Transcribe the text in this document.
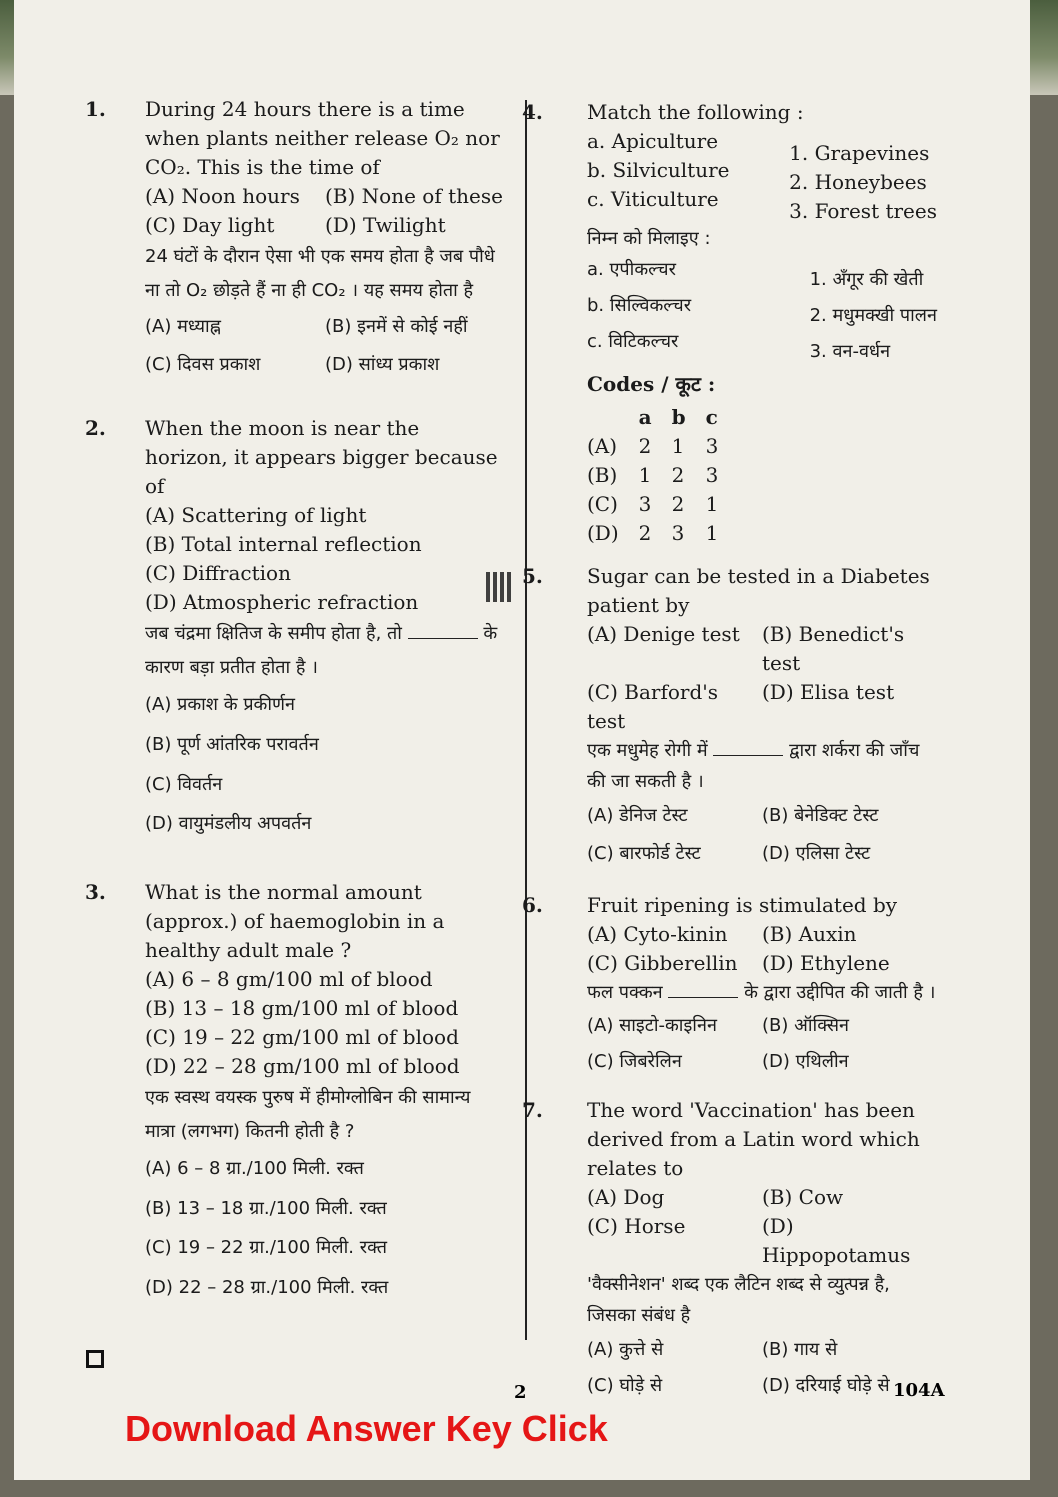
1. During 24 hours there is a time when plants neither release O₂ nor CO₂. This is the time of
(A) Noon hours	(B) None of these
(C) Day light	(D) Twilight
24 घंटों के दौरान ऐसा भी एक समय होता है जब पौधे ना तो O₂ छोड़ते हैं ना ही CO₂ । यह समय होता है
(A) मध्याह्न	(B) इनमें से कोई नहीं
(C) दिवस प्रकाश	(D) सांध्य प्रकाश
2. When the moon is near the horizon, it appears bigger because of
(A) Scattering of light
(B) Total internal reflection
(C) Diffraction
(D) Atmospheric refraction
जब चंद्रमा क्षितिज के समीप होता है, तो	के कारण बड़ा प्रतीत होता है ।
(A) प्रकाश के प्रकीर्णन
(B) पूर्ण आंतरिक परावर्तन
(C) विवर्तन
(D) वायुमंडलीय अपवर्तन
3. What is the normal amount (approx.) of haemoglobin in a healthy adult male ?
(A) 6 – 8 gm/100 ml of blood
(B) 13 – 18 gm/100 ml of blood
(C) 19 – 22 gm/100 ml of blood
(D) 22 – 28 gm/100 ml of blood
एक स्वस्थ वयस्क पुरुष में हीमोग्लोबिन की सामान्य मात्रा (लगभग) कितनी होती है ?
(A) 6 – 8 ग्रा./100 मिली. रक्त
(B) 13 – 18 ग्रा./100 मिली. रक्त
(C) 19 – 22 ग्रा./100 मिली. रक्त
(D) 22 – 28 ग्रा./100 मिली. रक्त
4. Match the following :
a. Apiculture
b. Silviculture
c. Viticulture
1. Grapevines
2. Honeybees
3. Forest trees
निम्न को मिलाइए :
a. एपीकल्चर
b. सिल्विकल्चर
c. विटिकल्चर
1. अँगूर की खेती
2. मधुमक्खी पालन
3. वन-वर्धन
Codes / कूट :
	a	b	c
(A)	2	1	3
(B)	1	2	3
(C)	3	2	1
(D)	2	3	1
5. Sugar can be tested in a Diabetes patient by
(A) Denige test	(B) Benedict's test
(C) Barford's test
(D) Elisa test
एक मधुमेह रोगी में	द्वारा शर्करा की जाँच की जा सकती है ।
(A) डेनिज टेस्ट	(B) बेनेडिक्ट टेस्ट
(C) बारफोर्ड टेस्ट	(D) एलिसा टेस्ट
6. Fruit ripening is stimulated by
(A) Cyto-kinin	(B) Auxin
(C) Gibberellin	(D) Ethylene
फल पक्कन	के द्वारा उद्दीपित की जाती है ।
(A) साइटो-काइनिन	(B) ऑक्सिन
(C) जिबरेलिन	(D) एथिलीन
7. The word 'Vaccination' has been derived from a Latin word which relates to
(A) Dog	(B) Cow
(C) Horse	(D) Hippopotamus
'वैक्सीनेशन' शब्द एक लैटिन शब्द से व्युत्पन्न है, जिसका संबंध है
(A) कुत्ते से	(B) गाय से
(C) घोड़े से	(D) दरियाई घोड़े से
2	104A
Download Answer Key Click
